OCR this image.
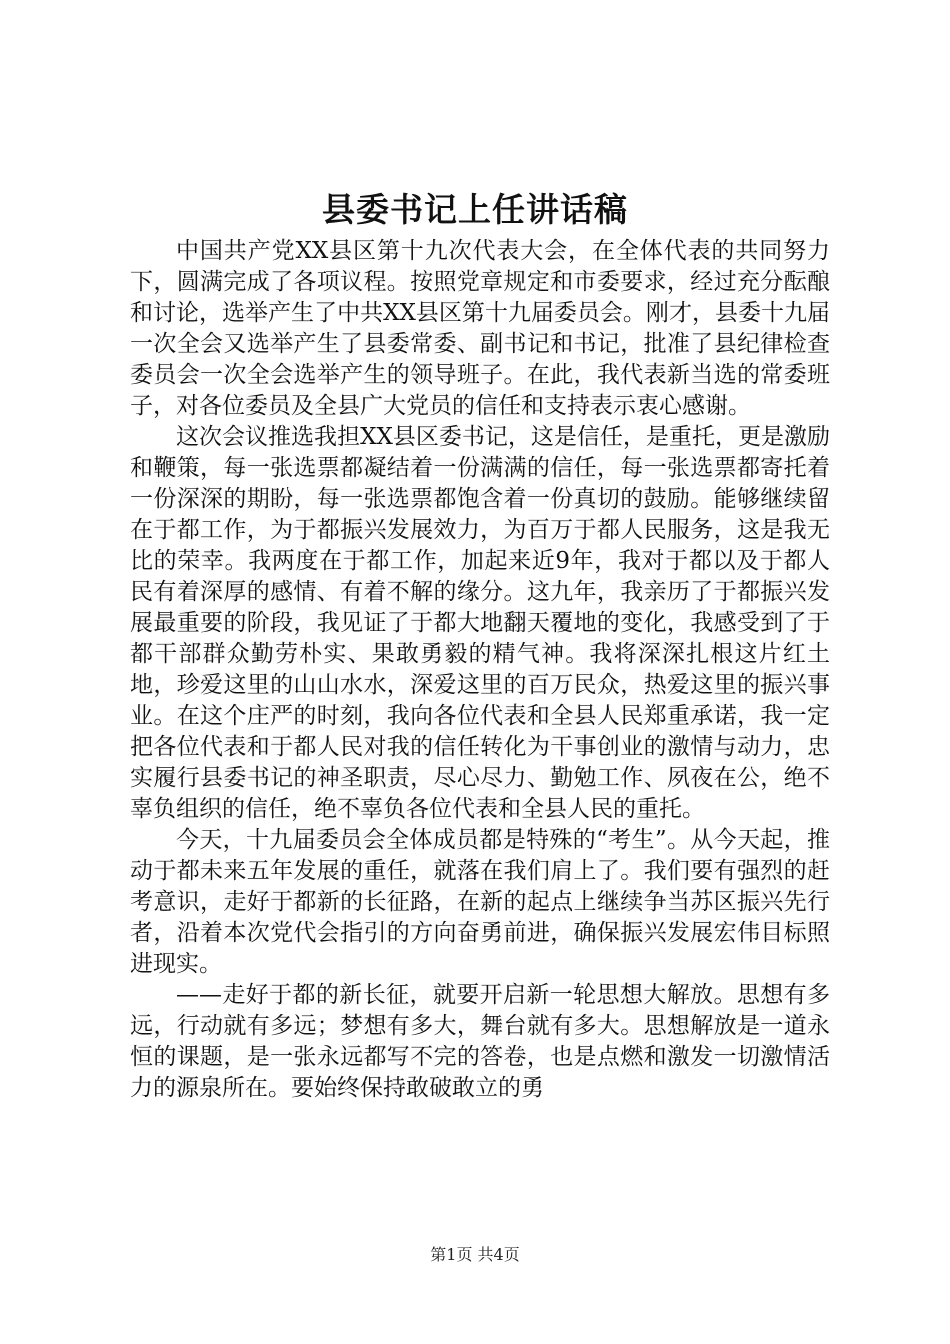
县委书记上任讲话稿

中国共产党XX县区第十九次代表大会，在全体代表的共同努力下，圆满完成了各项议程。按照党章规定和市委要求，经过充分酝酿和讨论，选举产生了中共XX县区第十九届委员会。刚才，县委十九届一次全会又选举产生了县委常委、副书记和书记，批准了县纪律检查委员会一次全会选举产生的领导班子。在此，我代表新当选的常委班子，对各位委员及全县广大党员的信任和支持表示衷心感谢。

这次会议推选我担XX县区委书记，这是信任，是重托，更是激励和鞭策，每一张选票都凝结着一份满满的信任，每一张选票都寄托着一份深深的期盼，每一张选票都饱含着一份真切的鼓励。能够继续留在于都工作，为于都振兴发展效力，为百万于都人民服务，这是我无比的荣幸。我两度在于都工作，加起来近9年，我对于都以及于都人民有着深厚的感情、有着不解的缘分。这九年，我亲历了于都振兴发展最重要的阶段，我见证了于都大地翻天覆地的变化，我感受到了于都干部群众勤劳朴实、果敢勇毅的精气神。我将深深扎根这片红土地，珍爱这里的山山水水，深爱这里的百万民众，热爱这里的振兴事业。在这个庄严的时刻，我向各位代表和全县人民郑重承诺，我一定把各位代表和于都人民对我的信任转化为干事创业的激情与动力，忠实履行县委书记的神圣职责，尽心尽力、勤勉工作、夙夜在公，绝不辜负组织的信任，绝不辜负各位代表和全县人民的重托。

今天，十九届委员会全体成员都是特殊的“考生”。从今天起，推动于都未来五年发展的重任，就落在我们肩上了。我们要有强烈的赶考意识，走好于都新的长征路，在新的起点上继续争当苏区振兴先行者，沿着本次党代会指引的方向奋勇前进，确保振兴发展宏伟目标照进现实。

——走好于都的新长征，就要开启新一轮思想大解放。思想有多远，行动就有多远；梦想有多大，舞台就有多大。思想解放是一道永恒的课题，是一张永远都写不完的答卷，也是点燃和激发一切激情活力的源泉所在。要始终保持敢破敢立的勇

第1页 共4页
